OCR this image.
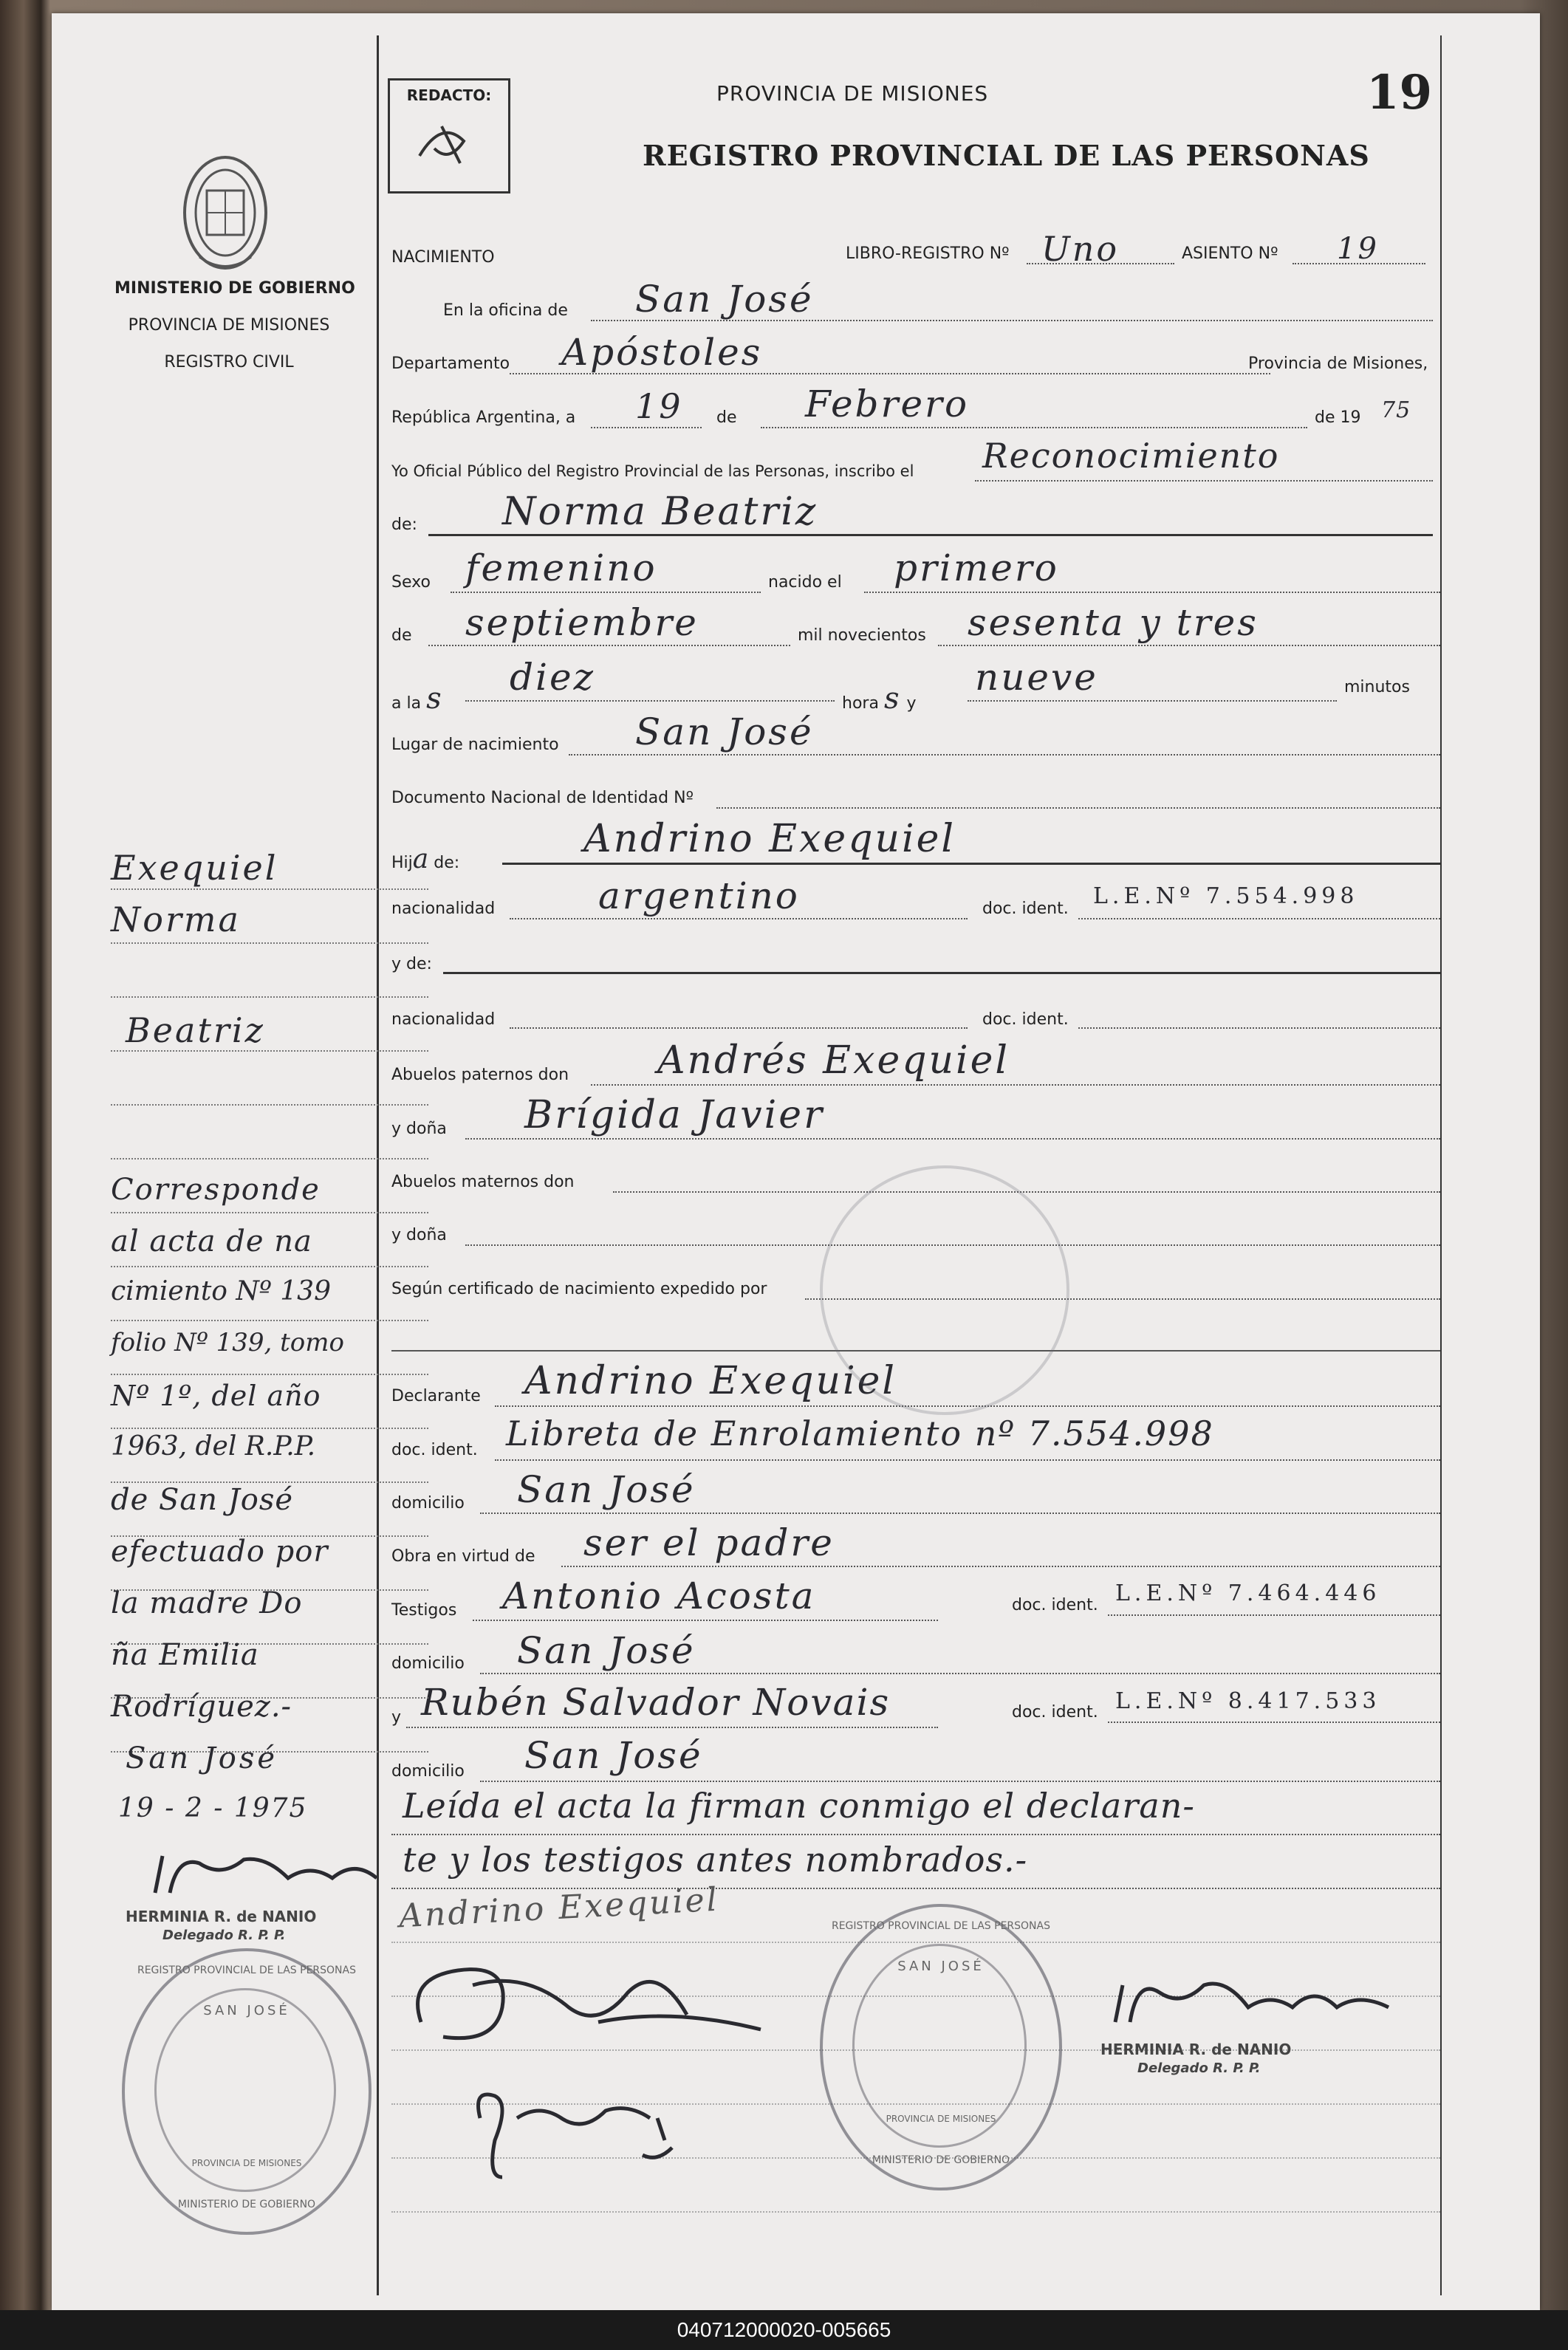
MINISTERIO DE GOBIERNO
PROVINCIA DE MISIONES
REGISTRO CIVIL
REDACTO:	PROVINCIA DE MISIONES
REGISTRO PROVINCIAL DE LAS PERSONAS
19
NACIMIENTO	LIBRO-REGISTRO Nº Uno	ASIENTO Nº 19
En la oficina de San José
Departamento Apóstoles	Provincia de Misiones,
República Argentina, a 19 de Febrero	de 19 75
Yo Oficial Público del Registro Provincial de las Personas, inscribo el Reconocimiento
de: Norma Beatriz
Sexo femenino	nacido el primero
de septiembre	mil novecientos sesenta y tres
a la s diez
hora s y
nueve	minutos
Lugar de nacimiento San José
Documento Nacional de Identidad Nº
Hija de:
Andrino Exequiel
nacionalidad	argentino	doc. ident. L.E.Nº 7.554.998
y de:
nacionalidad	doc. ident.
Abuelos paternos don Andrés Exequiel
y doña Brígida Javier
Abuelos maternos don
y doña
Según certificado de nacimiento expedido por
Declarante Andrino Exequiel
doc. ident. Libreta de Enrolamiento nº 7.554.998
domicilio San José
Obra en virtud de ser el padre
Testigos Antonio Acosta	doc. ident. L.E.Nº 7.464.446
domicilio San José
y Rubén Salvador Novais	doc. ident. L.E.Nº 8.417.533
domicilio San José
Leída el acta la firman conmigo el declaran-
te y los testigos antes nombrados.-
Andrino Exequiel
HERMINIA R. de NANIO
Delegado R. P. P.
REGISTRO PROVINCIAL DE LAS PERSONAS
SAN JOSÉ
PROVINCIA DE MISIONES
MINISTERIO DE GOBIERNO
Exequiel
Norma
Beatriz
Corresponde
al acta de na
cimiento Nº 139
folio Nº 139, tomo
Nº 1º, del año
1963, del R.P.P.
de San José
efectuado por
la madre Do
ña Emilia
Rodríguez.-
San José
19 - 2 - 1975
HERMINIA R. de NANIO
Delegado R. P. P.
REGISTRO PROVINCIAL DE LAS PERSONAS
SAN JOSÉ
PROVINCIA DE MISIONES
MINISTERIO DE GOBIERNO
040712000020-005665
